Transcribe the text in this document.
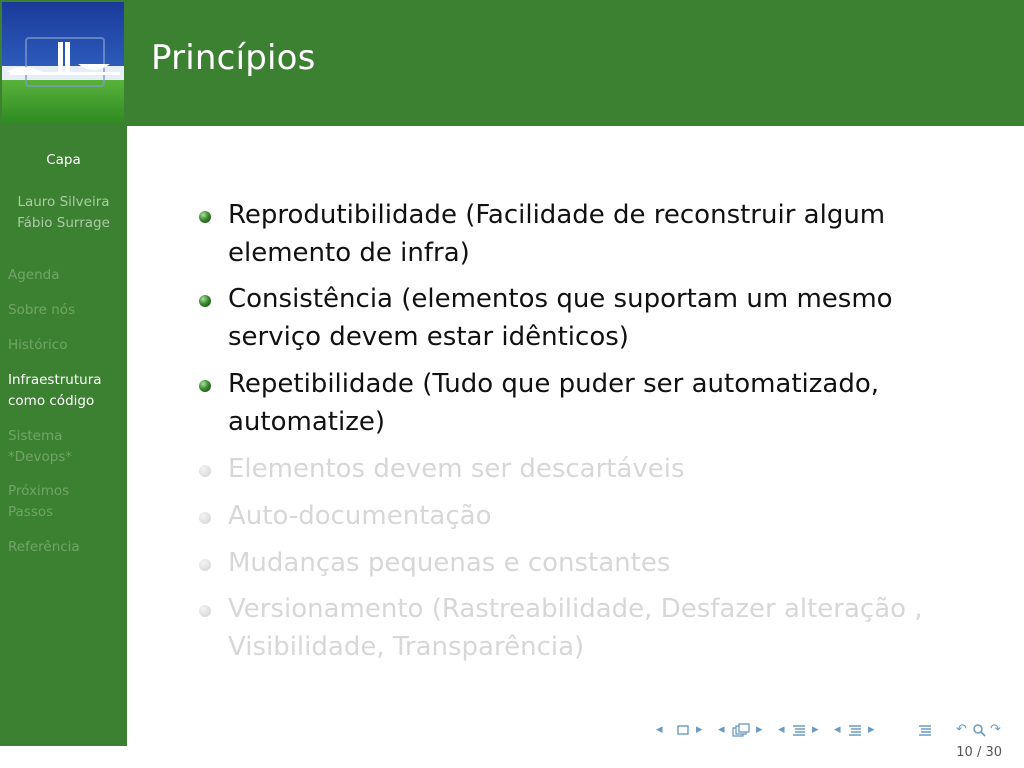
Princípios
Capa
Lauro Silveira
Fábio Surrage
Agenda
Sobre nós
Histórico
Infraestrutura
como código
Sistema
*Devops*
Próximos
Passos
Referência
Reprodutibilidade (Facilidade de reconstruir algum elemento de infra)
Consistência (elementos que suportam um mesmo serviço devem estar idênticos)
Repetibilidade (Tudo que puder ser automatizado, automatize)
Elementos devem ser descartáveis
Auto-documentação
Mudanças pequenas e constantes
Versionamento (Rastreabilidade, Desfazer alteração , Visibilidade, Transparência)
◂	▸ ◂ ▸ ◂ ▸ ◂ ▸	↶ ↷
10 / 30
